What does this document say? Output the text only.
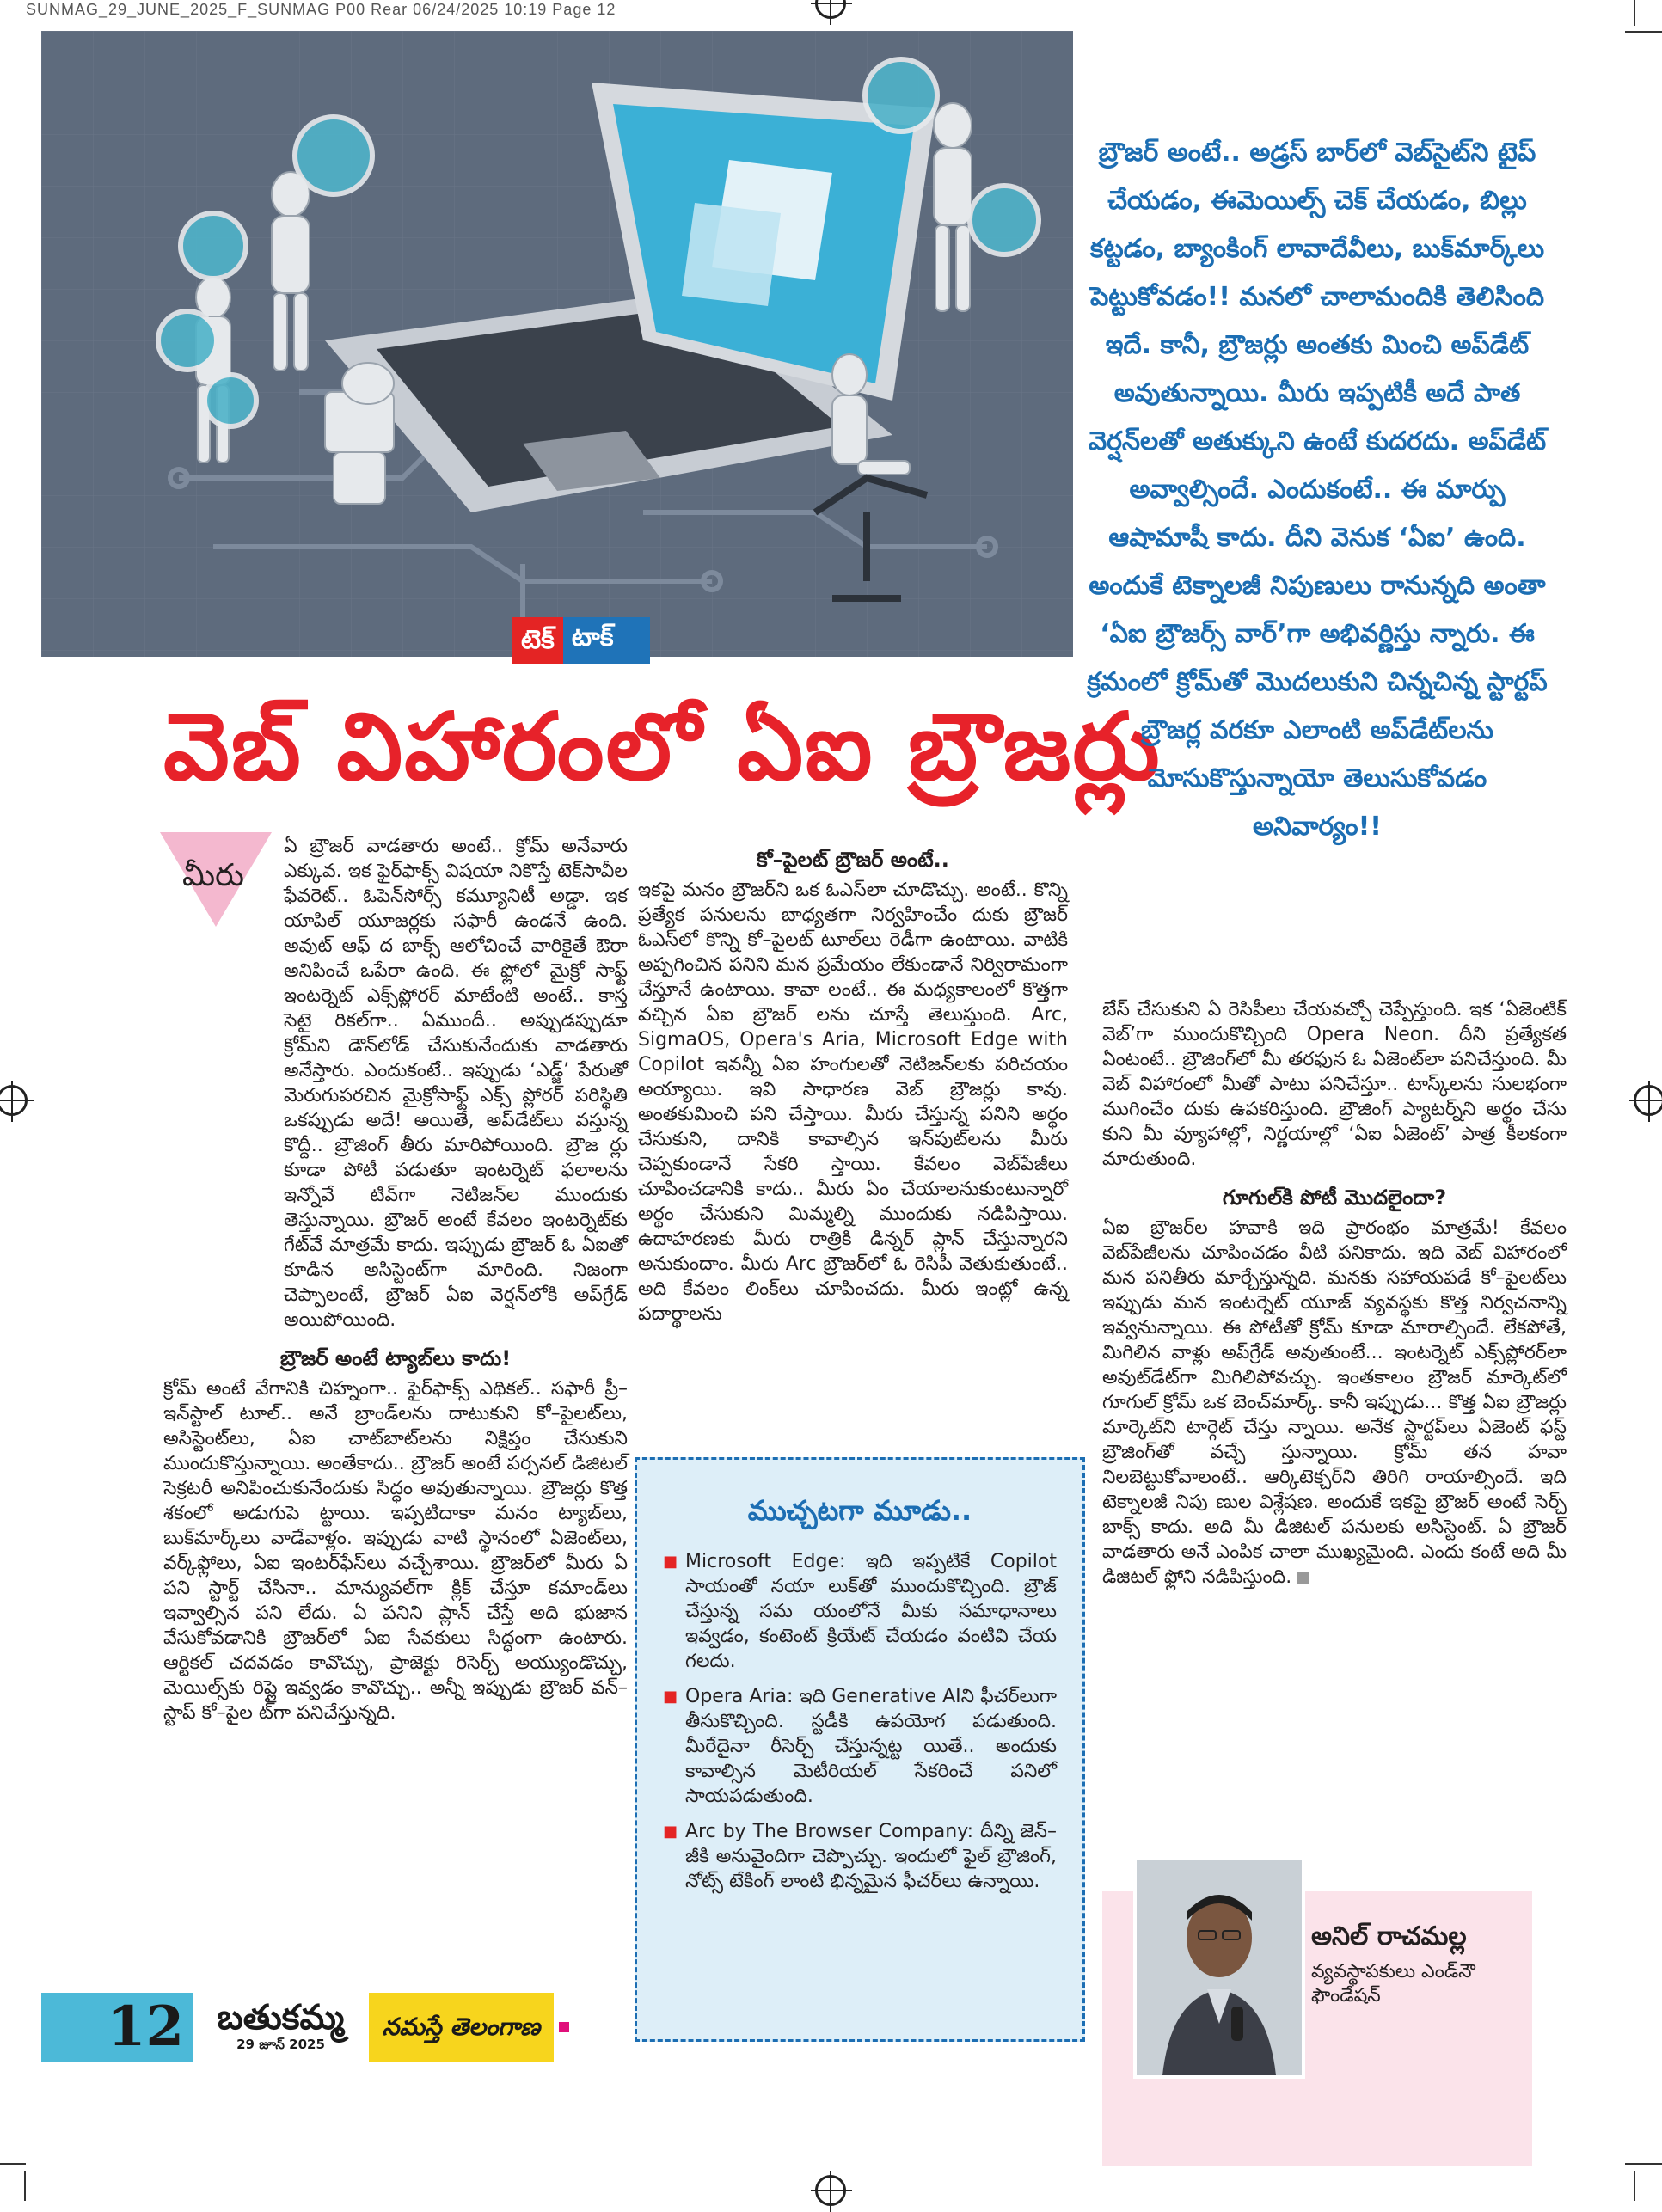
SUNMAG_29_JUNE_2025_F_SUNMAG P00 Rear 06/24/2025 10:19 Page 12
టెక్ టాక్
వెబ్ విహారంలో ఏఐ బ్రౌజర్లు

బ్రౌజర్ అంటే.. అడ్రస్ బార్‌లో వెబ్‌సైట్‌ని టైప్ చేయడం, ఈమెయిల్స్ చెక్ చేయడం, బిల్లు కట్టడం, బ్యాంకింగ్ లావాదేవీలు, బుక్‌మార్క్‌లు పెట్టుకోవడం!! మనలో చాలామందికి తెలిసింది ఇదే. కానీ, బ్రౌజర్లు అంతకు మించి అప్‌డేట్ అవుతున్నాయి. మీరు ఇప్పటికీ అదే పాత వెర్షన్‌లతో అతుక్కుని ఉంటే కుదరదు. అప్‌డేట్ అవ్వాల్సిందే. ఎందుకంటే.. ఈ మార్పు ఆషామాషీ కాదు. దీని వెనుక ‘ఏఐ’ ఉంది. అందుకే టెక్నాలజీ నిపుణులు రానున్నది అంతా ‘ఏఐ బ్రౌజర్స్ వార్’గా అభివర్ణిస్తు న్నారు. ఈ క్రమంలో క్రోమ్‌తో మొదలుకుని చిన్నచిన్న స్టార్టప్ బ్రౌజర్ల వరకూ ఎలాంటి అప్‌డేట్‌లను మోసుకొస్తున్నాయో తెలుసుకోవడం అనివార్యం!!

మీరు

ఏ బ్రౌజర్ వాడతారు అంటే.. క్రోమ్ అనేవారు ఎక్కువ. ఇక ఫైర్‌ఫాక్స్ విషయా నికొస్తే టెక్‌సావీల ఫేవరెట్.. ఓపెన్‌సోర్స్ కమ్యూనిటీ అడ్డా. ఇక యాపిల్ యూజర్లకు సఫారీ ఉండనే ఉంది. అవుట్ ఆఫ్ ద బాక్స్ ఆలోచించే వారికైతే ఔరా అనిపించే ఒపేరా ఉంది. ఈ ఫ్లోలో మైక్రో సాఫ్ట్ ఇంటర్నెట్ ఎక్స్‌ప్లోరర్ మాటేంటి అంటే.. కాస్త సెటై రికల్‌గా.. ఏముందీ.. అప్పుడప్పుడూ క్రోమ్‌ని డౌన్‌లోడ్ చేసుకునేందుకు వాడతారు అనేస్తారు. ఎందుకంటే.. ఇప్పుడు ‘ఎడ్జ్’ పేరుతో మెరుగుపరచిన మైక్రోసాఫ్ట్ ఎక్స్ ప్లోరర్ పరిస్థితి ఒకప్పుడు అదే! అయితే, అప్‌డేట్‌లు వస్తున్న కొద్దీ.. బ్రౌజింగ్ తీరు మారిపోయింది. బ్రౌజ ర్లు కూడా పోటీ పడుతూ ఇంటర్నెట్ ఫలాలను ఇన్నోవే టివ్‌గా నెటిజన్‌ల ముందుకు తెస్తున్నాయి. బ్రౌజర్ అంటే కేవలం ఇంటర్నెట్‌కు గేట్‌వే మాత్రమే కాదు. ఇప్పుడు బ్రౌజర్ ఓ ఏఐతో కూడిన అసిస్టెంట్‌గా మారింది. నిజంగా చెప్పాలంటే, బ్రౌజర్ ఏఐ వెర్షన్‌లోకి అప్‌గ్రేడ్ అయిపోయింది.

బ్రౌజర్ అంటే ట్యాబ్‌లు కాదు!

క్రోమ్ అంటే వేగానికి చిహ్నంగా.. ఫైర్‌ఫాక్స్ ఎథికల్.. సఫారీ ప్రీ–ఇన్‌స్టాల్ టూల్.. అనే బ్రాండ్‌లను దాటుకుని కో–పైలట్‌లు, అసిస్టెంట్‌లు, ఏఐ చాట్‌బాట్‌లను నిక్షిప్తం చేసుకుని ముందుకొస్తున్నాయి. అంతేకాదు.. బ్రౌజర్ అంటే పర్సనల్ డిజిటల్ సెక్రటరీ అనిపించుకునేందుకు సిద్ధం అవుతున్నాయి. బ్రౌజర్లు కొత్త శకంలో అడుగుపె ట్టాయి. ఇప్పటిదాకా మనం ట్యాబ్‌లు, బుక్‌మార్క్‌లు వాడేవాళ్లం. ఇప్పుడు వాటి స్థానంలో ఏజెంట్‌లు, వర్క్‌ఫ్లోలు, ఏఐ ఇంటర్‌ఫేస్‌లు వచ్చేశాయి. బ్రౌజర్‌లో మీరు ఏ పని స్టార్ట్ చేసినా.. మాన్యువల్‌గా క్లిక్ చేస్తూ కమాండ్‌లు ఇవ్వాల్సిన పని లేదు. ఏ పనిని ప్లాన్ చేస్తే అది భుజాన వేసుకోవడానికి బ్రౌజర్‌లో ఏఐ సేవకులు సిద్ధంగా ఉంటారు. ఆర్టికల్ చదవడం కావొచ్చు, ప్రాజెక్టు రిసెర్చ్ అయ్యుండొచ్చు, మెయిల్స్‌కు రిప్లై ఇవ్వడం కావొచ్చు.. అన్నీ ఇప్పుడు బ్రౌజర్ వన్–స్టాప్ కో–పైల ట్‌గా పనిచేస్తున్నది.

కో–పైలట్ బ్రౌజర్ అంటే..

ఇకపై మనం బ్రౌజర్‌ని ఒక ఓఎస్‌లా చూడొచ్చు. అంటే.. కొన్ని ప్రత్యేక పనులను బాధ్యతగా నిర్వహించేం దుకు బ్రౌజర్ ఓఎస్‌లో కొన్ని కో–పైలట్ టూల్‌లు రెడీగా ఉంటాయి. వాటికి అప్పగించిన పనిని మన ప్రమేయం లేకుండానే నిర్విరామంగా చేస్తూనే ఉంటాయి. కావా లంటే.. ఈ మధ్యకాలంలో కొత్తగా వచ్చిన ఏఐ బ్రౌజర్ లను చూస్తే తెలుస్తుంది. Arc, SigmaOS, Opera's Aria, Microsoft Edge with Copilot ఇవన్నీ ఏఐ హంగులతో నెటిజన్‌లకు పరిచయం అయ్యాయి. ఇవి సాధారణ వెబ్ బ్రౌజర్లు కావు. అంతకుమించి పని చేస్తాయి. మీరు చేస్తున్న పనిని అర్థం చేసుకుని, దానికి కావాల్సిన ఇన్‌పుట్‌లను మీరు చెప్పకుండానే సేకరి స్తాయి. కేవలం వెబ్‌పేజీలు చూపించడానికి కాదు.. మీరు ఏం చేయాలనుకుంటున్నారో అర్థం చేసుకుని మిమ్మల్ని ముందుకు నడిపిస్తాయి. ఉదాహరణకు మీరు రాత్రికి డిన్నర్ ప్లాన్ చేస్తున్నారని అనుకుందాం. మీరు Arc బ్రౌజర్‌లో ఓ రెసిపీ వెతుకుతుంటే.. అది కేవలం లింక్‌లు చూపించదు. మీరు ఇంట్లో ఉన్న పదార్థాలను

ముచ్చటగా మూడు..
■ Microsoft Edge: ఇది ఇప్పటికే Copilot సాయంతో నయా లుక్‌తో ముందుకొచ్చింది. బ్రౌజ్ చేస్తున్న సమ యంలోనే మీకు సమాధానాలు ఇవ్వడం, కంటెంట్ క్రియేట్ చేయడం వంటివి చేయ గలదు.
■ Opera Aria: ఇది Generative AIని ఫీచర్‌లుగా తీసుకొచ్చింది. స్టడీకి ఉపయోగ పడుతుంది. మీరేదైనా రీసెర్చ్ చేస్తున్నట్ట యితే.. అందుకు కావాల్సిన మెటీరియల్ సేకరించే పనిలో సాయపడుతుంది.
■ Arc by The Browser Company: దీన్ని జెన్–జీకి అనువైందిగా చెప్పొచ్చు. ఇందులో ఫైల్ బ్రౌజింగ్, నోట్స్ టేకింగ్ లాంటి భిన్నమైన ఫీచర్‌లు ఉన్నాయి.

బేస్ చేసుకుని ఏ రెసిపీలు చేయవచ్చో చెప్పేస్తుంది. ఇక ‘ఏజెంటిక్ వెబ్’గా ముందుకొచ్చింది Opera Neon. దీని ప్రత్యేకత ఏంటంటే.. బ్రౌజింగ్‌లో మీ తరఫున ఓ ఏజెంట్‌లా పనిచేస్తుంది. మీ వెబ్ విహారంలో మీతో పాటు పనిచేస్తూ.. టాస్క్‌లను సులభంగా ముగించేం దుకు ఉపకరిస్తుంది. బ్రౌజింగ్ ప్యాటర్న్‌ని అర్థం చేసు కుని మీ వ్యూహాల్లో, నిర్ణయాల్లో ‘ఏఐ ఏజెంట్’ పాత్ర కీలకంగా మారుతుంది.

గూగుల్‌కి పోటీ మొదలైందా?

ఏఐ బ్రౌజర్‌ల హవాకి ఇది ప్రారంభం మాత్రమే! కేవలం వెబ్‌పేజీలను చూపించడం వీటి పనికాదు. ఇది వెబ్ విహారంలో మన పనితీరు మార్చేస్తున్నది. మనకు సహాయపడే కో–పైలట్‌లు ఇప్పుడు మన ఇంటర్నెట్ యూజ్ వ్యవస్థకు కొత్త నిర్వచనాన్ని ఇవ్వనున్నాయి. ఈ పోటీతో క్రోమ్ కూడా మారాల్సిందే. లేకపోతే, మిగిలిన వాళ్లు అప్‌గ్రేడ్ అవుతుంటే... ఇంటర్నెట్ ఎక్స్‌ప్లోరర్‌లా అవుట్‌డేట్‌గా మిగిలిపోవచ్చు. ఇంతకాలం బ్రౌజర్ మార్కెట్‌లో గూగుల్ క్రోమ్ ఒక బెంచ్‌మార్క్. కానీ ఇప్పుడు... కొత్త ఏఐ బ్రౌజర్లు మార్కెట్‌ని టార్గెట్ చేస్తు న్నాయి. అనేక స్టార్టప్‌లు ఏజెంట్ ఫస్ట్ బ్రౌజింగ్‌తో వచ్చే స్తున్నాయి. క్రోమ్ తన హవా నిలబెట్టుకోవాలంటే.. ఆర్కిటెక్చర్‌ని తిరిగి రాయాల్సిందే. ఇది టెక్నాలజీ నిపు ణుల విశ్లేషణ. అందుకే ఇకపై బ్రౌజర్ అంటే సెర్చ్ బాక్స్ కాదు. అది మీ డిజిటల్ పనులకు అసిస్టెంట్. ఏ బ్రౌజర్ వాడతారు అనే ఎంపిక చాలా ముఖ్యమైంది. ఎందు కంటే అది మీ డిజిటల్ ఫ్లోని నడిపిస్తుంది.

అనిల్ రాచమల్ల
వ్యవస్థాపకులు ఎండ్‌నౌ ఫౌండేషన్
12 బతుకమ్మ
29 జూన్ 2025
నమస్తే తెలంగాణ
